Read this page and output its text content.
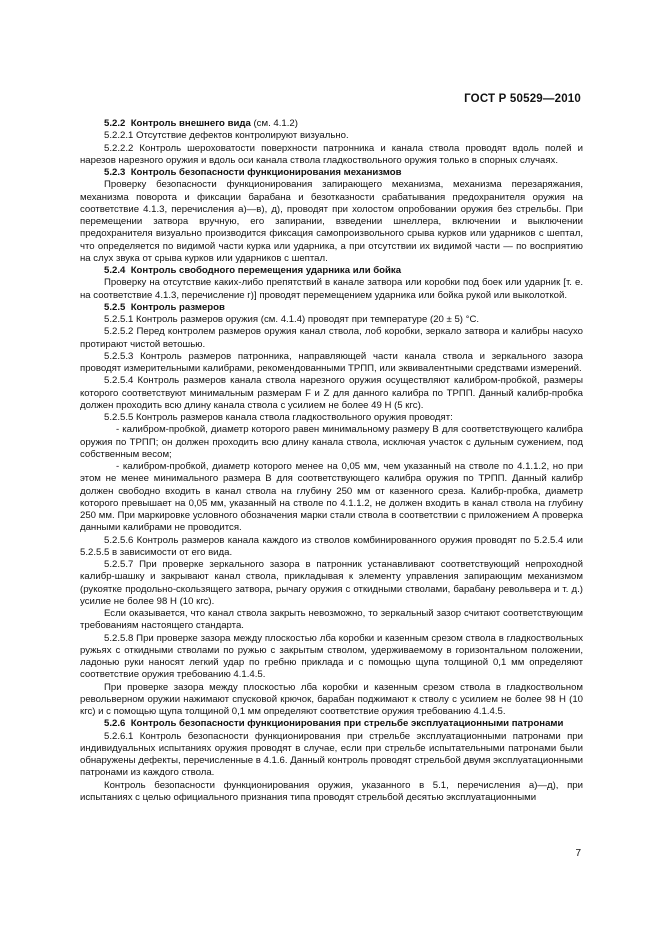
ГОСТ Р 50529—2010

5.2.2 Контроль внешнего вида (см. 4.1.2)

5.2.2.1 Отсутствие дефектов контролируют визуально.

5.2.2.2 Контроль шероховатости поверхности патронника и канала ствола проводят вдоль полей и нарезов нарезного оружия и вдоль оси канала ствола гладкоствольного оружия только в спорных случаях.

5.2.3 Контроль безопасности функционирования механизмов

Проверку безопасности функционирования запирающего механизма, механизма перезаряжания, механизма поворота и фиксации барабана и безотказности срабатывания предохранителя оружия на соответствие 4.1.3, перечисления а)—в), д), проводят при холостом опробовании оружия без стрельбы. При перемещении затвора вручную, его запирании, взведении шнеллера, включении и выключении предохранителя визуально производится фиксация самопроизвольного срыва курков или ударников с шептал, что определяется по видимой части курка или ударника, а при отсутствии их видимой части — по восприятию на слух звука от срыва курков или ударников с шептал.

5.2.4 Контроль свободного перемещения ударника или бойка

Проверку на отсутствие каких-либо препятствий в канале затвора или коробки под боек или ударник [т. е. на соответствие 4.1.3, перечисление г)] проводят перемещением ударника или бойка рукой или выколоткой.

5.2.5 Контроль размеров

5.2.5.1 Контроль размеров оружия (см. 4.1.4) проводят при температуре (20 ± 5) °С.

5.2.5.2 Перед контролем размеров оружия канал ствола, лоб коробки, зеркало затвора и калибры насухо протирают чистой ветошью.

5.2.5.3 Контроль размеров патронника, направляющей части канала ствола и зеркального зазора проводят измерительными калибрами, рекомендованными ТРПП, или эквивалентными средствами измерений.

5.2.5.4 Контроль размеров канала ствола нарезного оружия осуществляют калибром-пробкой, размеры которого соответствуют минимальным размерам F и Z для данного калибра по ТРПП. Данный калибр-пробка должен проходить всю длину канала ствола с усилием не более 49 Н (5 кгс).

5.2.5.5 Контроль размеров канала ствола гладкоствольного оружия проводят:

- калибром-пробкой, диаметр которого равен минимальному размеру B для соответствующего калибра оружия по ТРПП; он должен проходить всю длину канала ствола, исключая участок с дульным сужением, под собственным весом;

- калибром-пробкой, диаметр которого менее на 0,05 мм, чем указанный на стволе по 4.1.1.2, но при этом не менее минимального размера B для соответствующего калибра оружия по ТРПП. Данный калибр должен свободно входить в канал ствола на глубину 250 мм от казенного среза. Калибр-пробка, диаметр которого превышает на 0,05 мм, указанный на стволе по 4.1.1.2, не должен входить в канал ствола на глубину 250 мм. При маркировке условного обозначения марки стали ствола в соответствии с приложением А проверка данными калибрами не проводится.

5.2.5.6 Контроль размеров канала каждого из стволов комбинированного оружия проводят по 5.2.5.4 или 5.2.5.5 в зависимости от его вида.

5.2.5.7 При проверке зеркального зазора в патронник устанавливают соответствующий непроходной калибр-шашку и закрывают канал ствола, прикладывая к элементу управления запирающим механизмом (рукоятке продольно-скользящего затвора, рычагу оружия с откидными стволами, барабану револьвера и т. д.) усилие не более 98 Н (10 кгс).

Если оказывается, что канал ствола закрыть невозможно, то зеркальный зазор считают соответствующим требованиям настоящего стандарта.

5.2.5.8 При проверке зазора между плоскостью лба коробки и казенным срезом ствола в гладкоствольных ружьях с откидными стволами по ружью с закрытым стволом, удерживаемому в горизонтальном положении, ладонью руки наносят легкий удар по гребню приклада и с помощью щупа толщиной 0,1 мм определяют соответствие оружия требованию 4.1.4.5.

При проверке зазора между плоскостью лба коробки и казенным срезом ствола в гладкоствольном револьверном оружии нажимают спусковой крючок, барабан поджимают к стволу с усилием не более 98 Н (10 кгс) и с помощью щупа толщиной 0,1 мм определяют соответствие оружия требованию 4.1.4.5.

5.2.6 Контроль безопасности функционирования при стрельбе эксплуатационными патронами

5.2.6.1 Контроль безопасности функционирования при стрельбе эксплуатационными патронами при индивидуальных испытаниях оружия проводят в случае, если при стрельбе испытательными патронами были обнаружены дефекты, перечисленные в 4.1.6. Данный контроль проводят стрельбой двумя эксплуатационными патронами из каждого ствола.

Контроль безопасности функционирования оружия, указанного в 5.1, перечисления а)—д), при испытаниях с целью официального признания типа проводят стрельбой десятью эксплуатационными

7
